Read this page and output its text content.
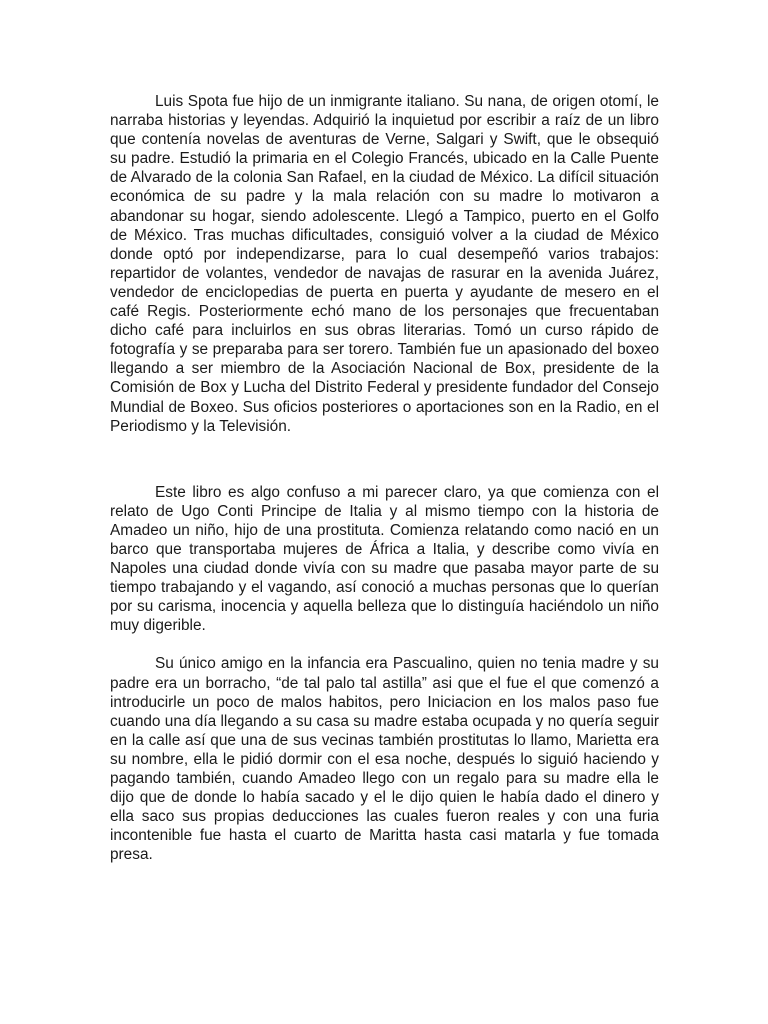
Luis Spota fue hijo de un inmigrante italiano. Su nana, de origen otomí, le narraba historias y leyendas. Adquirió la inquietud por escribir a raíz de un libro que contenía novelas de aventuras de Verne, Salgari y Swift, que le obsequió su padre. Estudió la primaria en el Colegio Francés, ubicado en la Calle Puente de Alvarado de la colonia San Rafael, en la ciudad de México. La difícil situación económica de su padre y la mala relación con su madre lo motivaron a abandonar su hogar, siendo adolescente. Llegó a Tampico, puerto en el Golfo de México. Tras muchas dificultades, consiguió volver a la ciudad de México donde optó por independizarse, para lo cual desempeñó varios trabajos: repartidor de volantes, vendedor de navajas de rasurar en la avenida Juárez, vendedor de enciclopedias de puerta en puerta y ayudante de mesero en el café Regis. Posteriormente echó mano de los personajes que frecuentaban dicho café para incluirlos en sus obras literarias. Tomó un curso rápido de fotografía y se preparaba para ser torero. También fue un apasionado del boxeo llegando a ser miembro de la Asociación Nacional de Box, presidente de la Comisión de Box y Lucha del Distrito Federal y presidente fundador del Consejo Mundial de Boxeo. Sus oficios posteriores o aportaciones son en la Radio, en el Periodismo y la Televisión.

Este libro es algo confuso a mi parecer claro, ya que comienza con el relato de Ugo Conti Principe de Italia y al mismo tiempo con la historia de Amadeo un niño, hijo de una prostituta. Comienza relatando como nació en un barco que transportaba mujeres de África a Italia, y describe como vivía en Napoles una ciudad donde vivía con su madre que pasaba mayor parte de su tiempo trabajando y el vagando, así conoció a muchas personas que lo querían por su carisma, inocencia y aquella belleza que lo distinguía haciéndolo un niño muy digerible.

Su único amigo en la infancia era Pascualino, quien no tenia madre y su padre era un borracho, “de tal palo tal astilla” asi que el fue el que comenzó a introducirle un poco de malos habitos, pero Iniciacion en los malos paso fue cuando una día llegando a su casa su madre estaba ocupada y no quería seguir en la calle así que una de sus vecinas también prostitutas lo llamo, Marietta era su nombre, ella le pidió dormir con el esa noche, después lo siguió haciendo y pagando también, cuando Amadeo llego con un regalo para su madre ella le dijo que de donde lo había sacado y el le dijo quien le había dado el dinero y ella saco sus propias deducciones las cuales fueron reales y con una furia incontenible fue hasta el cuarto de Maritta hasta casi matarla y fue tomada presa.
